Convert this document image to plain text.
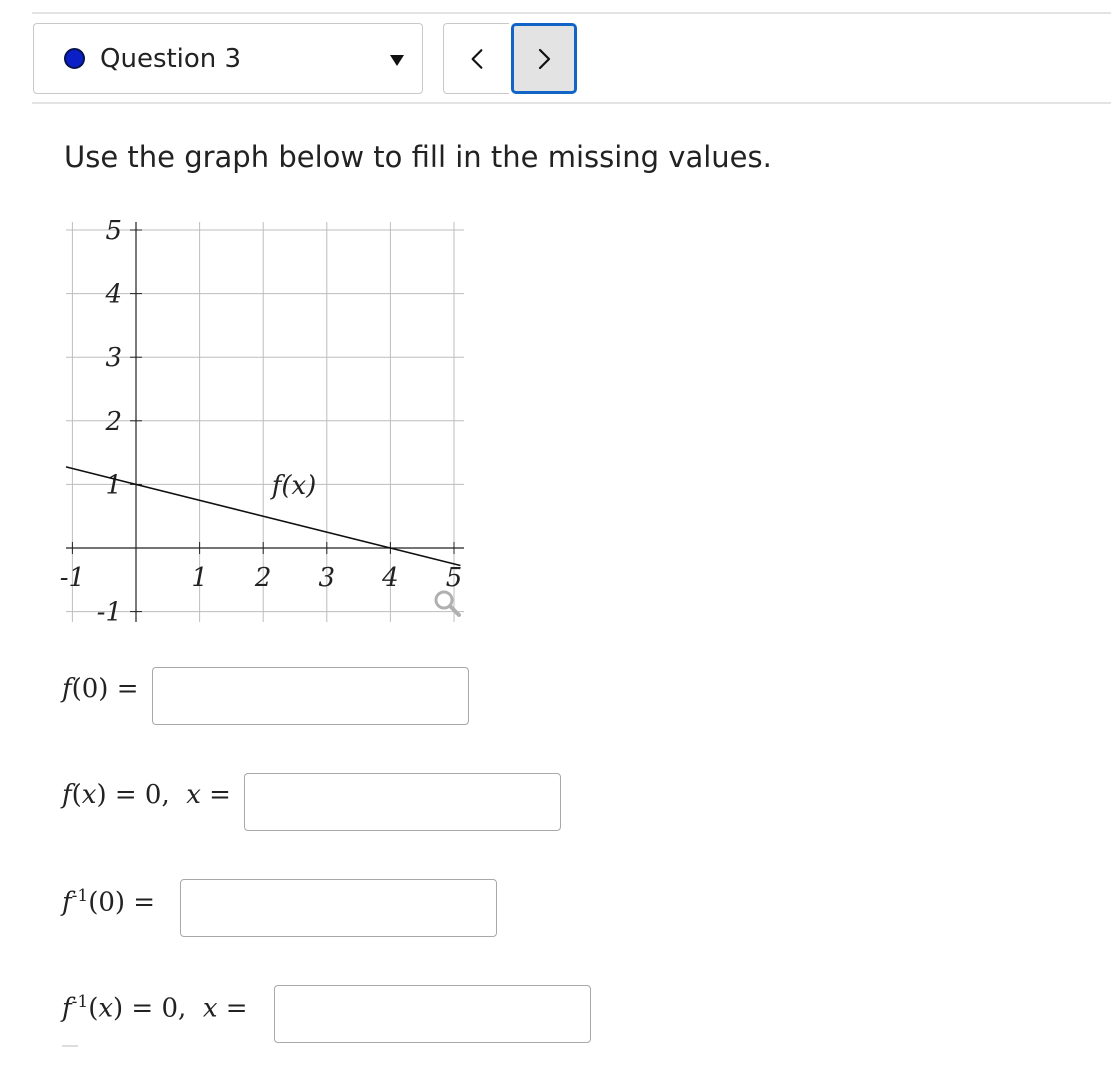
Question 3
Use the graph below to fill in the missing values.
-1	1 2 3 4 5
5
4
3
2
1
-1
f(x)
f(0) =
f(x) = 0,  x =
$f^{-1}(0)$ =
$f^{-1}(x) = 0$,  x =
